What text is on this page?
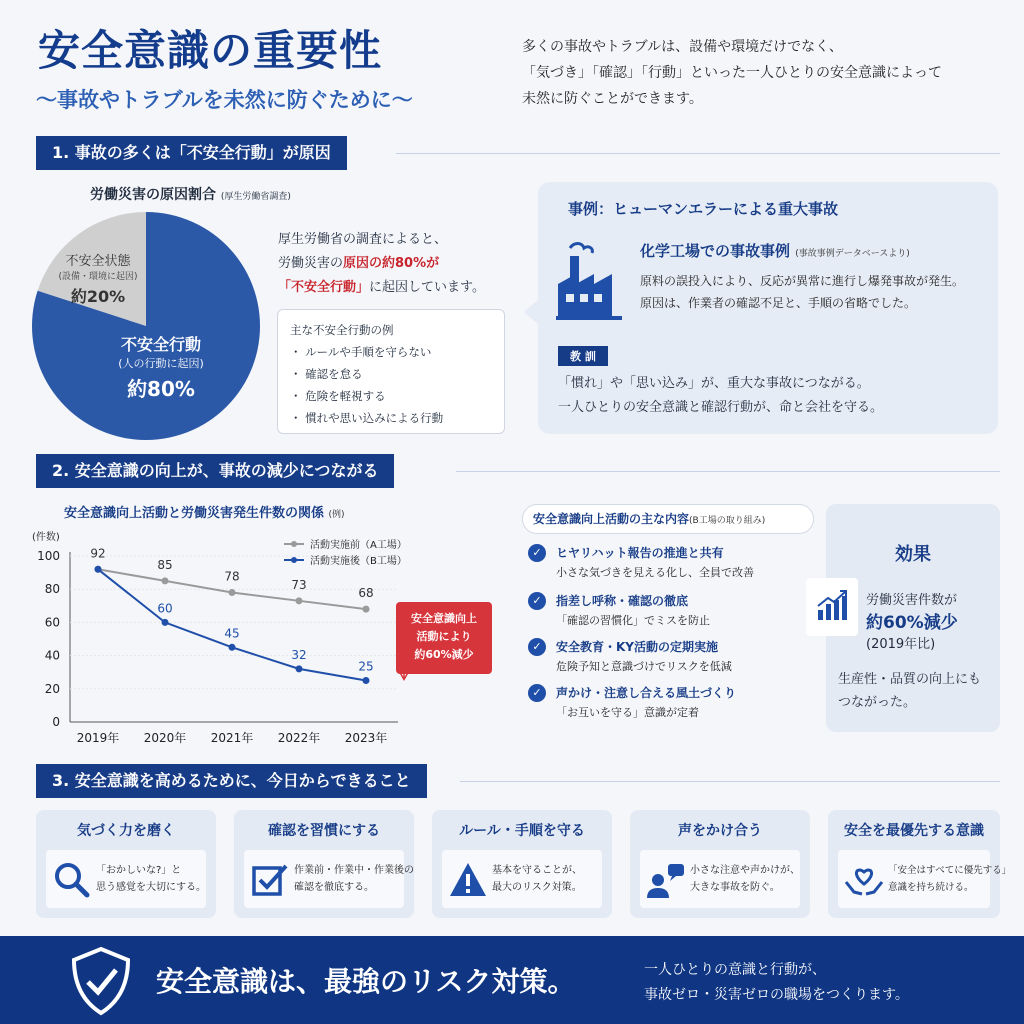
安全意識の重要性
〜事故やトラブルを未然に防ぐために〜
多くの事故やトラブルは、設備や環境だけでなく、
「気づき」「確認」「行動」といった一人ひとりの安全意識によって
未然に防ぐことができます。
1. 事故の多くは「不安全行動」が原因
労働災害の原因割合 (厚生労働省調査)
不安全状態
(設備・環境に起因)
約20%
不安全行動
(人の行動に起因)
約80%
厚生労働省の調査によると、
労働災害の原因の約80%が
「不安全行動」に起因しています。
主な不安全行動の例
・ ルールや手順を守らない
・ 確認を怠る
・ 危険を軽視する
・ 慣れや思い込みによる行動
事例：ヒューマンエラーによる重大事故
化学工場での事故事例 (事故事例データベースより)
原料の誤投入により、反応が異常に進行し爆発事故が発生。
原因は、作業者の確認不足と、手順の省略でした。
教 訓
「慣れ」や「思い込み」が、重大な事故につながる。
一人ひとりの安全意識と確認行動が、命と会社を守る。
2. 安全意識の向上が、事故の減少につながる
安全意識向上活動と労働災害発生件数の関係 (例)
0
20
40
60
80
100
(件数)
2019年 2020年 2021年 2022年 2023年
92
85
78
73
68
60
45
32
25
活動実施前（A工場）
活動実施後（B工場）
安全意識向上
活動により
約60%減少
安全意識向上活動の主な内容(B工場の取り組み)
✓	ヒヤリハット報告の推進と共有
小さな気づきを見える化し、全員で改善
✓	指差し呼称・確認の徹底
「確認の習慣化」でミスを防止
✓	安全教育・KY活動の定期実施
危険予知と意識づけでリスクを低減
✓	声かけ・注意し合える風土づくり
「お互いを守る」意識が定着
効果
労働災害件数が
約60%減少
(2019年比)
生産性・品質の向上にも
つながった。
3. 安全意識を高めるために、今日からできること
気づく力を磨く
「おかしいな?」と
思う感覚を大切にする。
確認を習慣にする
作業前・作業中・作業後の
確認を徹底する。
ルール・手順を守る
基本を守ることが、
最大のリスク対策。
声をかけ合う
小さな注意や声かけが、
大きな事故を防ぐ。
安全を最優先する意識
「安全はすべてに優先する」
意識を持ち続ける。
安全意識は、最強のリスク対策。	一人ひとりの意識と行動が、
事故ゼロ・災害ゼロの職場をつくります。
